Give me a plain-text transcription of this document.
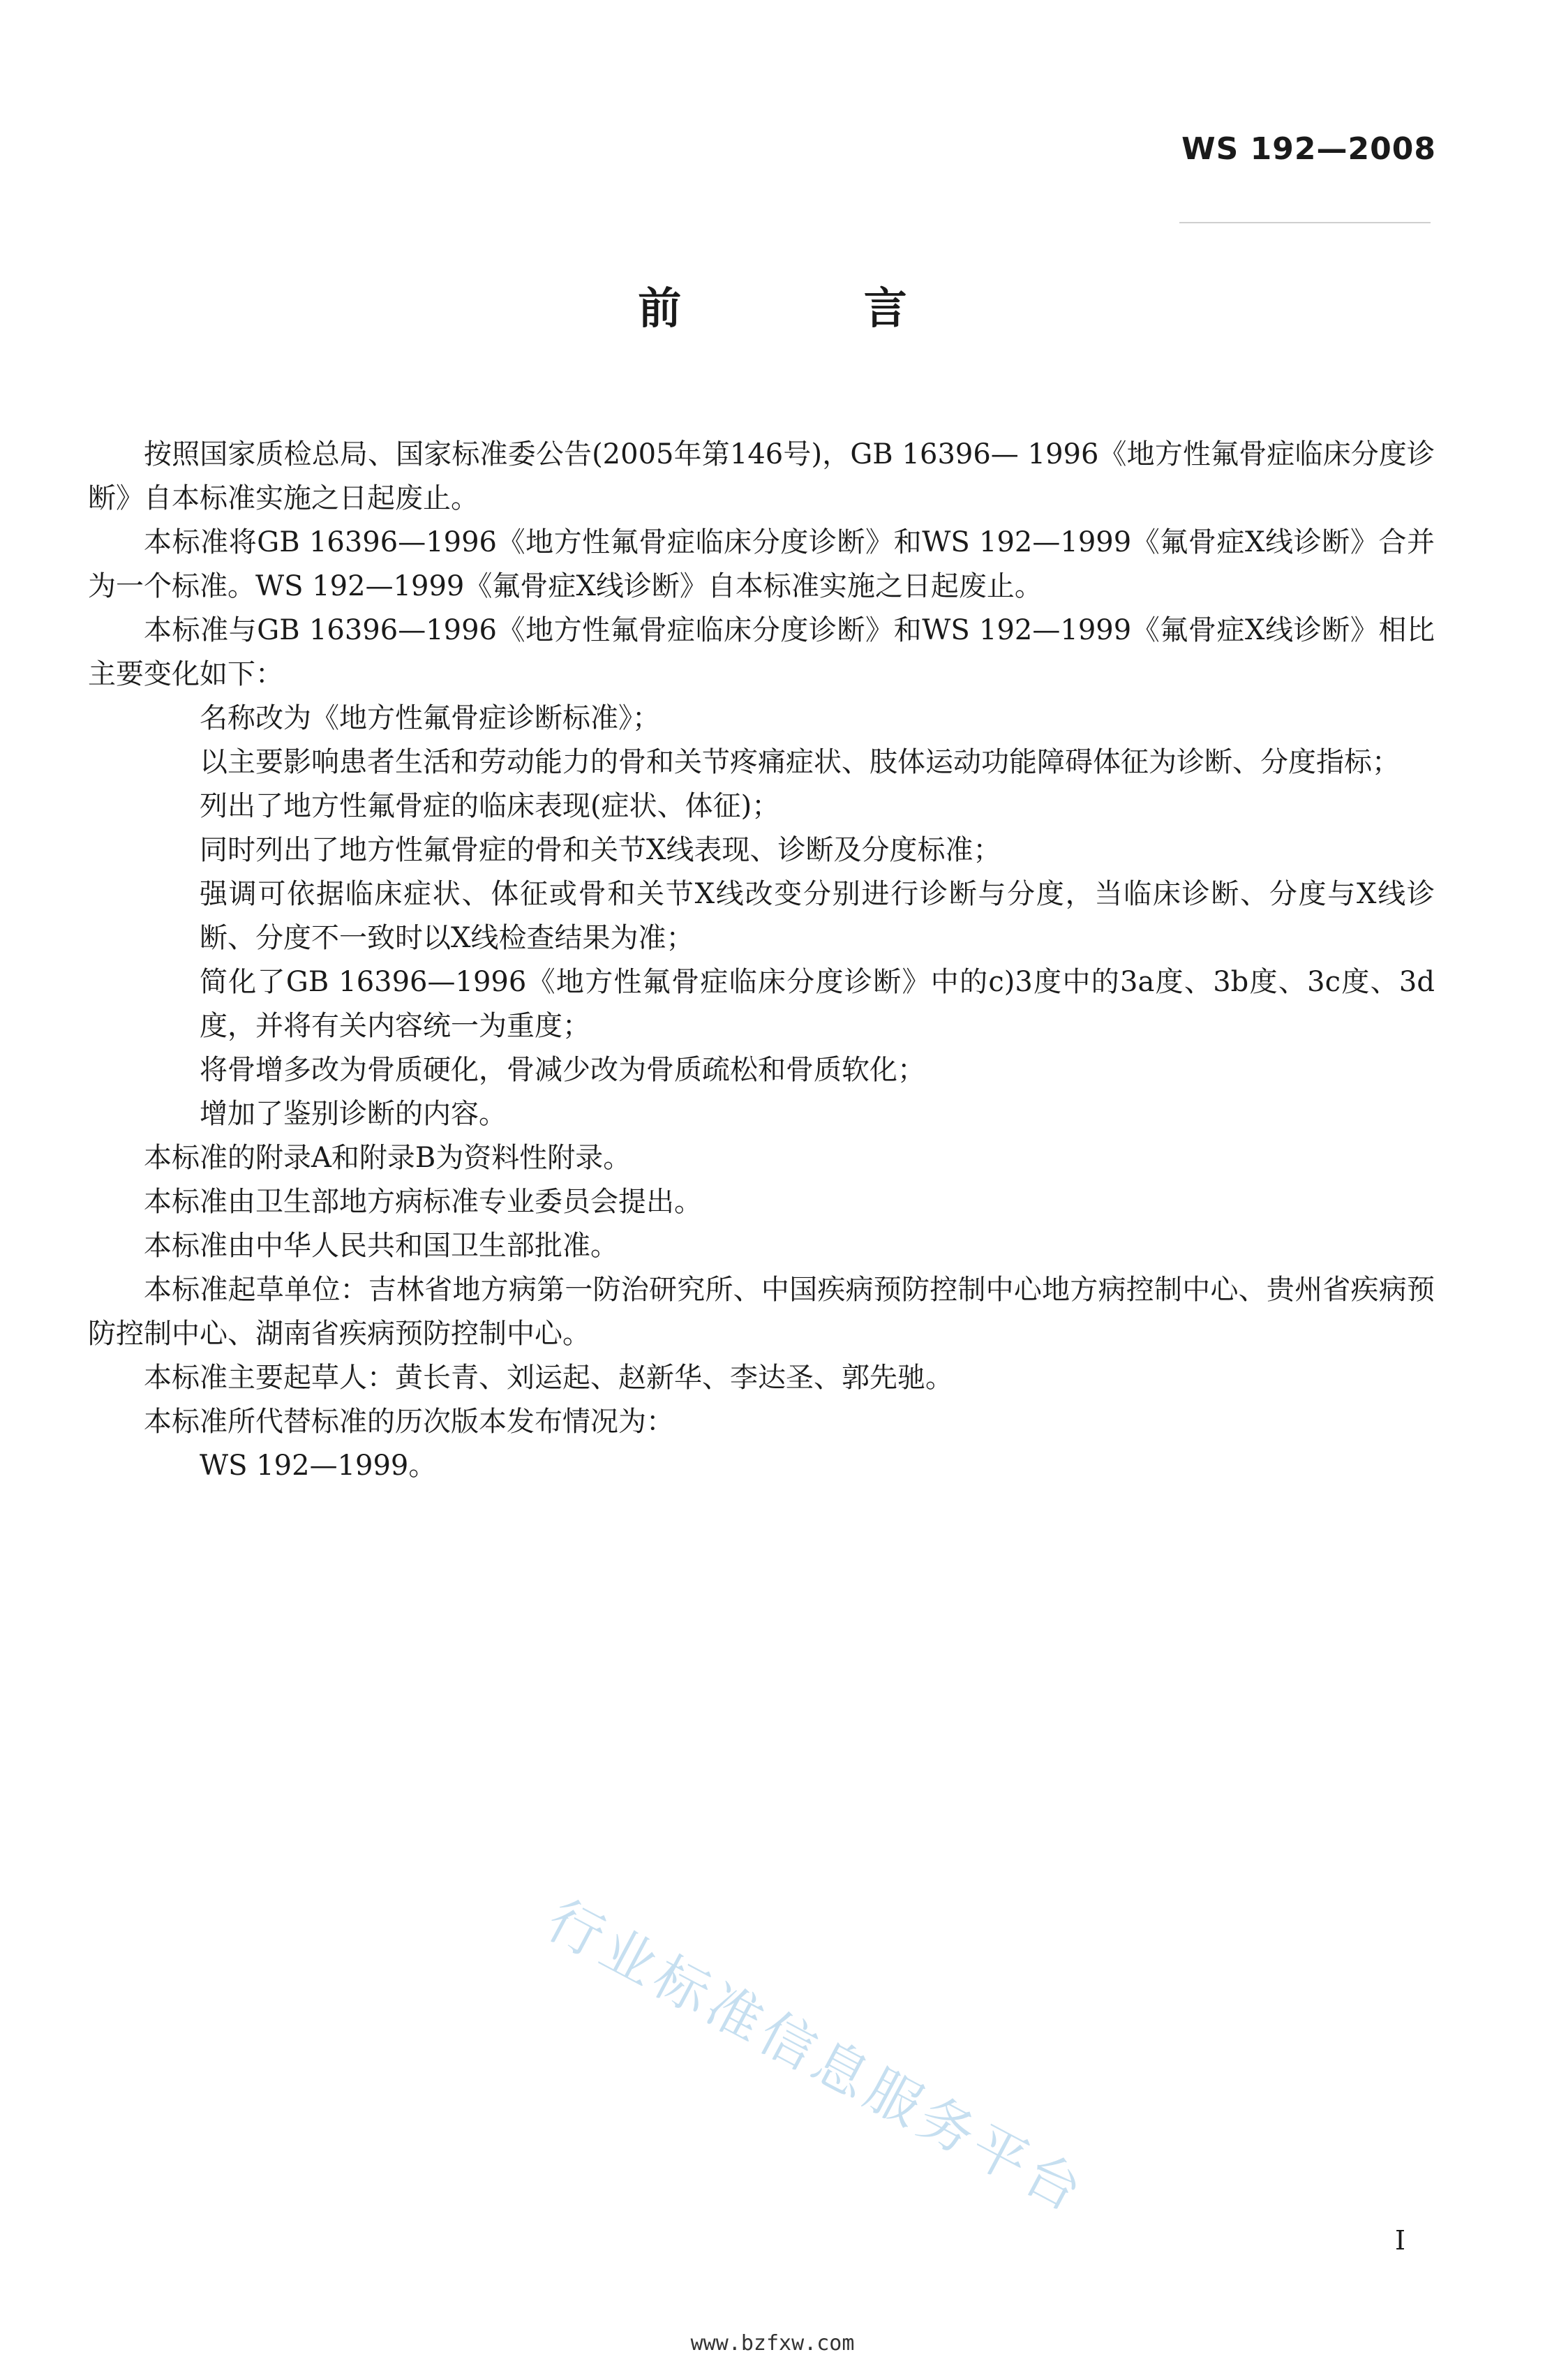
WS 192—2008
前 言

按照国家质检总局、国家标准委公告(2005年第146号)，GB 16396— 1996《地方性氟骨症临床分度诊断》自本标准实施之日起废止。

本标准将GB 16396—1996《地方性氟骨症临床分度诊断》和WS 192—1999《氟骨症X线诊断》合并为一个标准。WS 192—1999《氟骨症X线诊断》自本标准实施之日起废止。

本标准与GB 16396—1996《地方性氟骨症临床分度诊断》和WS 192—1999《氟骨症X线诊断》相比主要变化如下：

名称改为《地方性氟骨症诊断标准》；

以主要影响患者生活和劳动能力的骨和关节疼痛症状、肢体运动功能障碍体征为诊断、分度指标；

列出了地方性氟骨症的临床表现(症状、体征)；

同时列出了地方性氟骨症的骨和关节X线表现、诊断及分度标准；

强调可依据临床症状、体征或骨和关节X线改变分别进行诊断与分度，当临床诊断、分度与X线诊断、分度不一致时以X线检查结果为准；

简化了GB 16396—1996《地方性氟骨症临床分度诊断》中的c)3度中的3a度、3b度、3c度、3d度，并将有关内容统一为重度；

将骨增多改为骨质硬化，骨减少改为骨质疏松和骨质软化；

增加了鉴别诊断的内容。

本标准的附录A和附录B为资料性附录。

本标准由卫生部地方病标准专业委员会提出。

本标准由中华人民共和国卫生部批准。

本标准起草单位：吉林省地方病第一防治研究所、中国疾病预防控制中心地方病控制中心、贵州省疾病预防控制中心、湖南省疾病预防控制中心。

本标准主要起草人：黄长青、刘运起、赵新华、李达圣、郭先驰。

本标准所代替标准的历次版本发布情况为：

WS 192—1999。

行业标准信息服务平台
I
www.bzfxw.com
